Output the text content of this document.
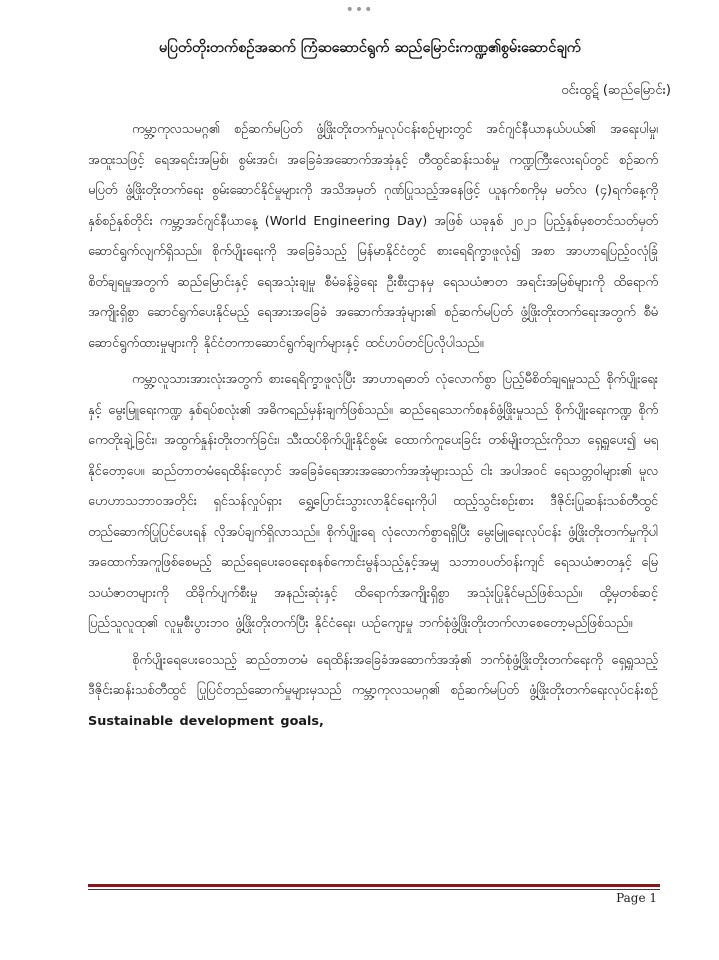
•••
မပြတ်တိုးတက်စဉ်အဆက် ကြံဆဆောင်ရွက် ဆည်မြောင်းကဏ္ဍ၏စွမ်းဆောင်ချက်
ဝင်းထွဋ် (ဆည်မြောင်း)

ကမ္ဘာ့ကုလသမဂ္ဂ၏ စဉ်ဆက်မပြတ် ဖွံ့ဖြိုးတိုးတက်မှုလုပ်ငန်းစဉ်များတွင် အင်ဂျင်နီယာနယ်ပယ်၏ အရေးပါမှု၊ အထူးသဖြင့် ရေအရင်းအမြစ်၊ စွမ်းအင်၊ အခြေခံအဆောက်အအုံနှင့် တီထွင်ဆန်းသစ်မှု ကဏ္ဍကြီးလေးရပ်တွင် စဉ်ဆက်မပြတ် ဖွံ့ဖြိုးတိုးတက်ရေး စွမ်းဆောင်နိုင်မှုများကို အသိအမှတ် ဂုဏ်ပြုသည့်အနေဖြင့် ယူနက်စကိုမှ မတ်လ (၄)ရက်နေ့ကို နှစ်စဉ်နှစ်တိုင်း ကမ္ဘာ့အင်ဂျင်နီယာနေ့ (World Engineering Day) အဖြစ် ယခုနှစ် ၂၀၂၁ ပြည့်နှစ်မှစတင်သတ်မှတ် ဆောင်ရွက်လျက်ရှိသည်။ စိုက်ပျိုးရေးကို အခြေခံသည့် မြန်မာနိုင်ငံတွင် စားရေရိက္ခာဖူလုံ၍ အစာ အာဟာရပြည့်ဝလုံခြုံစိတ်ချရမှုအတွက် ဆည်မြောင်းနှင့် ရေအသုံးချမှု စီမံခန့်ခွဲရေး ဦးစီးဌာနမှ ရေသယံဇာတ အရင်းအမြစ်များကို ထိရောက်အကျိုးရှိစွာ ဆောင်ရွက်ပေးနိုင်မည့် ရေအားအခြေခံ အဆောက်အအုံများ၏ စဉ်ဆက်မပြတ် ဖွံ့ဖြိုးတိုးတက်ရေးအတွက် စီမံဆောင်ရွက်ထားမှုများကို နိုင်ငံတကာဆောင်ရွက်ချက်များနှင့် ထင်ဟပ်တင်ပြလိုပါသည်။

ကမ္ဘာ့လူသားအားလုံးအတွက် စားရေရိက္ခာဖူလုံပြီး အာဟာရဓာတ် လုံလောက်စွာ ပြည့်မီစိတ်ချရမှုသည် စိုက်ပျိုးရေးနှင့် မွေးမြူရေးကဏ္ဍ နှစ်ရပ်စလုံး၏ အဓိကရည်မှန်းချက်ဖြစ်သည်။ ဆည်ရေသောက်စနစ်ဖွံ့ဖြိုးမှုသည် စိုက်ပျိုးရေးကဏ္ဍ စိုက်ကေတိုးချဲ့ခြင်း၊ အထွက်နှုန်းတိုးတက်ခြင်း၊ သီးထပ်စိုက်ပျိုးနိုင်စွမ်း ထောက်ကူပေးခြင်း တစ်မျိုးတည်းကိုသာ ရှေ့ရှုပေး၍ မရနိုင်တော့ပေ။ ဆည်တာတမံရေထိန်းလှောင် အခြေခံရေအားအဆောက်အအုံများသည် ငါး အပါအဝင် ရေသတ္တဝါများ၏ မူလဟေဟာသဘာဝအတိုင်း ရှင်သန်လှုပ်ရှား ရွှေ့ပြောင်းသွားလာနိုင်ရေးကိုပါ ထည့်သွင်းစဉ်းစား ဒီဇိုင်းပြုဆန်းသစ်တီထွင် တည်ဆောက်ပြုပြင်ပေးရန် လိုအပ်ချက်ရှိလာသည်။ စိုက်ပျိုးရေ လုံလောက်စွာရရှိပြီး မွေးမြူရေးလုပ်ငန်း ဖွံ့ဖြိုးတိုးတက်မှုကိုပါ အထောက်အကူဖြစ်စေမည့် ဆည်ရေပေးဝေရေးစနစ်ကောင်းမွန်သည့်နှင့်အမျှ သဘာဝပတ်ဝန်းကျင် ရေသယံဇာတနှင့် မြေသယံဇာတများကို ထိခိုက်ပျက်စီးမှု အနည်းဆုံးနှင့် ထိရောက်အကျိုးရှိစွာ အသုံးပြုနိုင်မည်ဖြစ်သည်။ ထို့မှတစ်ဆင့် ပြည်သူလူထု၏ လူမှုစီးပွားဘဝ ဖွံ့ဖြိုးတိုးတက်ပြီး နိုင်ငံရေး၊ ယဉ်ကျေးမှု ဘက်စုံဖွံ့ဖြိုးတိုးတက်လာစေတော့မည်ဖြစ်သည်။

စိုက်ပျိုးရေပေးဝေသည့် ဆည်တာတမံ ရေထိန်းအခြေခံအဆောက်အအုံ၏ ဘက်စုံဖွံ့ဖြိုးတိုးတက်ရေးကို ရှေ့ရှုသည့် ဒီဇိုင်းဆန်းသစ်တီထွင် ပြုပြင်တည်ဆောက်မှုများမှသည် ကမ္ဘာ့ကုလသမဂ္ဂ၏ စဉ်ဆက်မပြတ် ဖွံ့ဖြိုးတိုးတက်ရေးလုပ်ငန်းစဉ် Sustainable development goals,

Page 1
